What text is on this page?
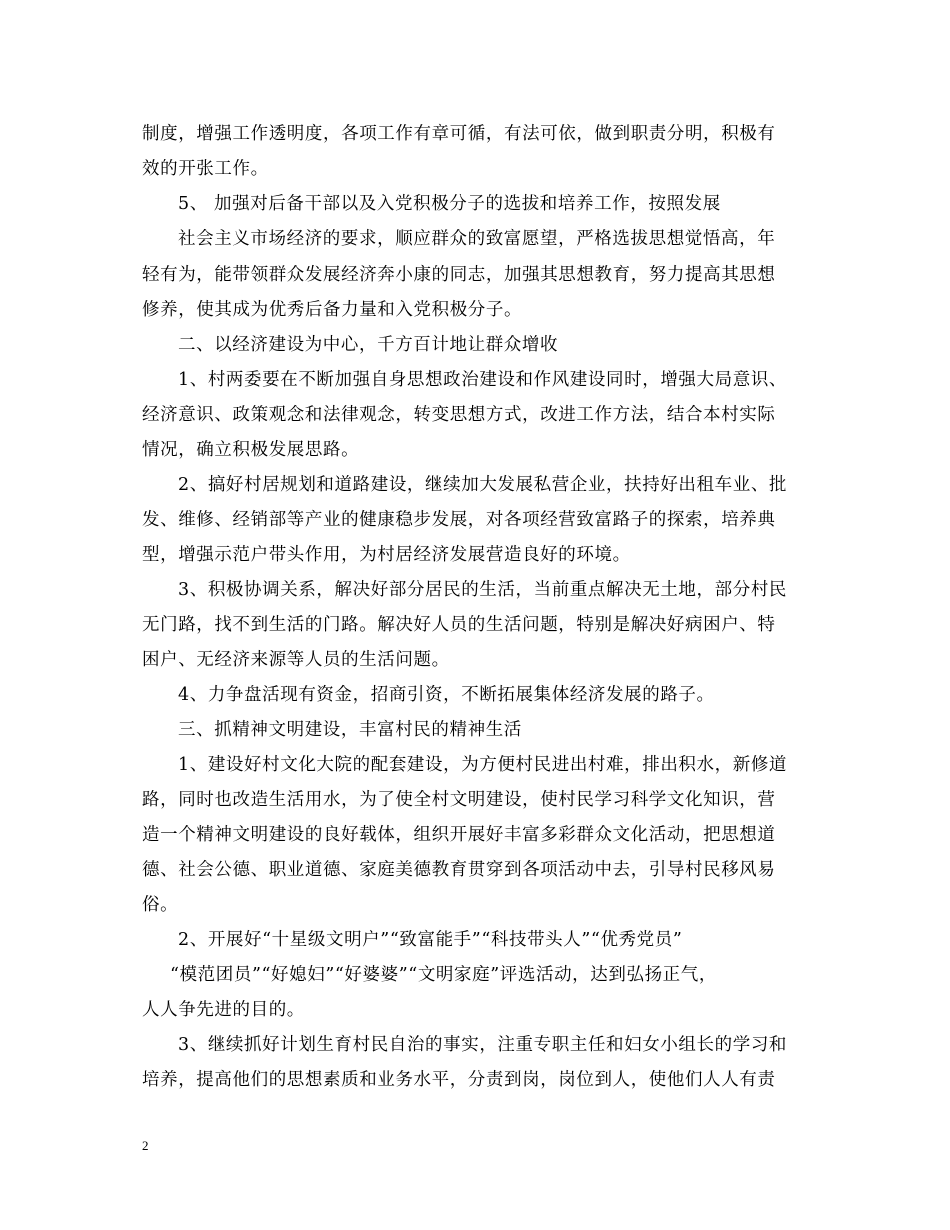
制度，增强工作透明度，各项工作有章可循，有法可依，做到职责分明，积极有
效的开张工作。
5、 加强对后备干部以及入党积极分子的选拔和培养工作，按照发展
社会主义市场经济的要求，顺应群众的致富愿望，严格选拔思想觉悟高，年
轻有为，能带领群众发展经济奔小康的同志，加强其思想教育，努力提高其思想
修养，使其成为优秀后备力量和入党积极分子。
二、以经济建设为中心，千方百计地让群众增收
1、村两委要在不断加强自身思想政治建设和作风建设同时，增强大局意识、
经济意识、政策观念和法律观念，转变思想方式，改进工作方法，结合本村实际
情况，确立积极发展思路。
2、搞好村居规划和道路建设，继续加大发展私营企业，扶持好出租车业、批
发、维修、经销部等产业的健康稳步发展，对各项经营致富路子的探索，培养典
型，增强示范户带头作用，为村居经济发展营造良好的环境。
3、积极协调关系，解决好部分居民的生活，当前重点解决无土地，部分村民
无门路，找不到生活的门路。解决好人员的生活问题，特别是解决好病困户、特
困户、无经济来源等人员的生活问题。
4、力争盘活现有资金，招商引资，不断拓展集体经济发展的路子。
三、抓精神文明建设，丰富村民的精神生活
1、建设好村文化大院的配套建设，为方便村民进出村难，排出积水，新修道
路，同时也改造生活用水，为了使全村文明建设，使村民学习科学文化知识，营
造一个精神文明建设的良好载体，组织开展好丰富多彩群众文化活动，把思想道
德、社会公德、职业道德、家庭美德教育贯穿到各项活动中去，引导村民移风易
俗。
2、开展好“十星级文明户”“致富能手”“科技带头人”“优秀党员”
“模范团员”“好媳妇”“好婆婆”“文明家庭”评选活动，达到弘扬正气，
人人争先进的目的。
3、继续抓好计划生育村民自治的事实，注重专职主任和妇女小组长的学习和
培养，提高他们的思想素质和业务水平，分责到岗，岗位到人，使他们人人有责
2
